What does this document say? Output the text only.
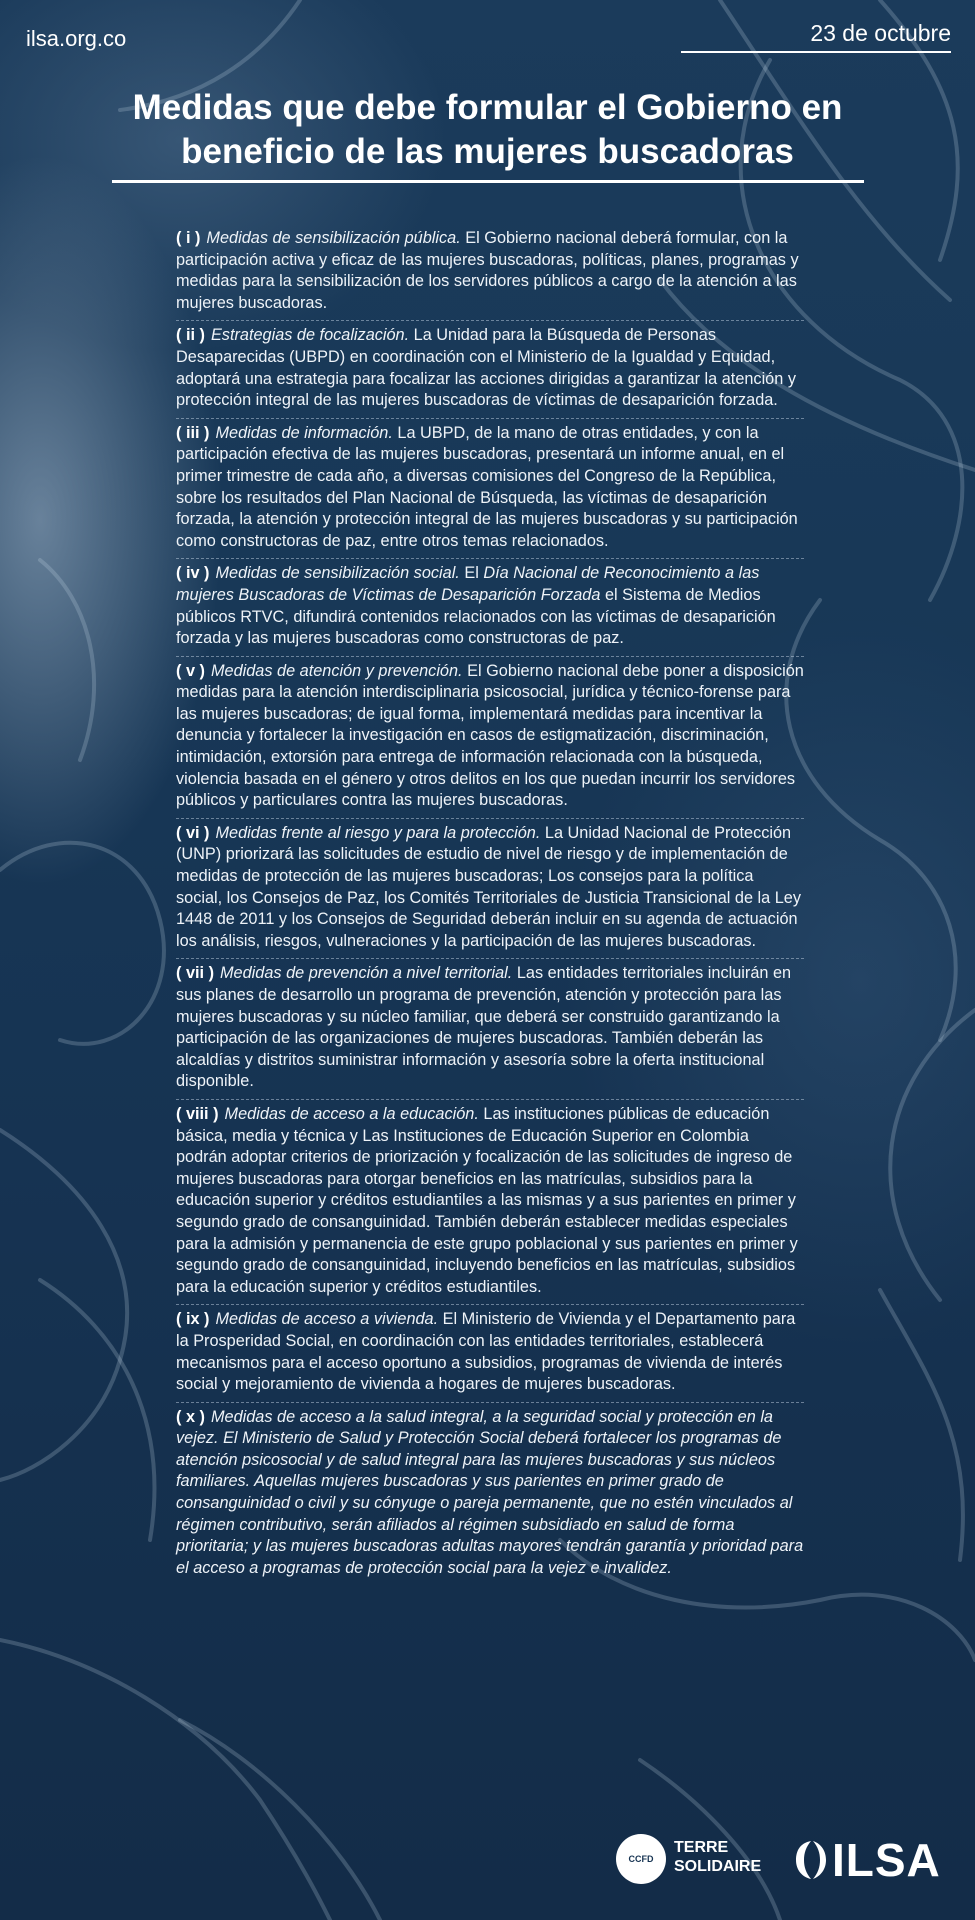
ilsa.org.co	23 de octubre
Medidas que debe formular el Gobierno en beneficio de las mujeres buscadoras
( i ) Medidas de sensibilización pública. El Gobierno nacional deberá formular, con la participación activa y eficaz de las mujeres buscadoras, políticas, planes, programas y medidas para la sensibilización de los servidores públicos a cargo de la atención a las mujeres buscadoras.
( ii ) Estrategias de focalización. La Unidad para la Búsqueda de Personas Desaparecidas (UBPD) en coordinación con el Ministerio de la Igualdad y Equidad, adoptará una estrategia para focalizar las acciones dirigidas a garantizar la atención y protección integral de las mujeres buscadoras de víctimas de desaparición forzada.
( iii ) Medidas de información. La UBPD, de la mano de otras entidades, y con la participación efectiva de las mujeres buscadoras, presentará un informe anual, en el primer trimestre de cada año, a diversas comisiones del Congreso de la República, sobre los resultados del Plan Nacional de Búsqueda, las víctimas de desaparición forzada, la atención y protección integral de las mujeres buscadoras y su participación como constructoras de paz, entre otros temas relacionados.
( iv ) Medidas de sensibilización social. El Día Nacional de Reconocimiento a las mujeres Buscadoras de Víctimas de Desaparición Forzada el Sistema de Medios públicos RTVC, difundirá contenidos relacionados con las víctimas de desaparición forzada y las mujeres buscadoras como constructoras de paz.
( v ) Medidas de atención y prevención. El Gobierno nacional debe poner a disposición medidas para la atención interdisciplinaria psicosocial, jurídica y técnico-forense para las mujeres buscadoras; de igual forma, implementará medidas para incentivar la denuncia y fortalecer la investigación en casos de estigmatización, discriminación, intimidación, extorsión para entrega de información relacionada con la búsqueda, violencia basada en el género y otros delitos en los que puedan incurrir los servidores públicos y particulares contra las mujeres buscadoras.
( vi ) Medidas frente al riesgo y para la protección. La Unidad Nacional de Protección (UNP) priorizará las solicitudes de estudio de nivel de riesgo y de implementación de medidas de protección de las mujeres buscadoras; Los consejos para la política social, los Consejos de Paz, los Comités Territoriales de Justicia Transicional de la Ley 1448 de 2011 y los Consejos de Seguridad deberán incluir en su agenda de actuación los análisis, riesgos, vulneraciones y la participación de las mujeres buscadoras.
( vii ) Medidas de prevención a nivel territorial. Las entidades territoriales incluirán en sus planes de desarrollo un programa de prevención, atención y protección para las mujeres buscadoras y su núcleo familiar, que deberá ser construido garantizando la participación de las organizaciones de mujeres buscadoras. También deberán las alcaldías y distritos suministrar información y asesoría sobre la oferta institucional disponible.
( viii ) Medidas de acceso a la educación. Las instituciones públicas de educación básica, media y técnica y Las Instituciones de Educación Superior en Colombia podrán adoptar criterios de priorización y focalización de las solicitudes de ingreso de mujeres buscadoras para otorgar beneficios en las matrículas, subsidios para la educación superior y créditos estudiantiles a las mismas y a sus parientes en primer y segundo grado de consanguinidad. También deberán establecer medidas especiales para la admisión y permanencia de este grupo poblacional y sus parientes en primer y segundo grado de consanguinidad, incluyendo beneficios en las matrículas, subsidios para la educación superior y créditos estudiantiles.
( ix ) Medidas de acceso a vivienda. El Ministerio de Vivienda y el Departamento para la Prosperidad Social, en coordinación con las entidades territoriales, establecerá mecanismos para el acceso oportuno a subsidios, programas de vivienda de interés social y mejoramiento de vivienda a hogares de mujeres buscadoras.
( x ) Medidas de acceso a la salud integral, a la seguridad social y protección en la vejez. El Ministerio de Salud y Protección Social deberá fortalecer los programas de atención psicosocial y de salud integral para las mujeres buscadoras y sus núcleos familiares. Aquellas mujeres buscadoras y sus parientes en primer grado de consanguinidad o civil y su cónyuge o pareja permanente, que no estén vinculados al régimen contributivo, serán afiliados al régimen subsidiado en salud de forma prioritaria; y las mujeres buscadoras adultas mayores tendrán garantía y prioridad para el acceso a programas de protección social para la vejez e invalidez.
CCFD
TERRE
SOLIDAIRE ILSA
